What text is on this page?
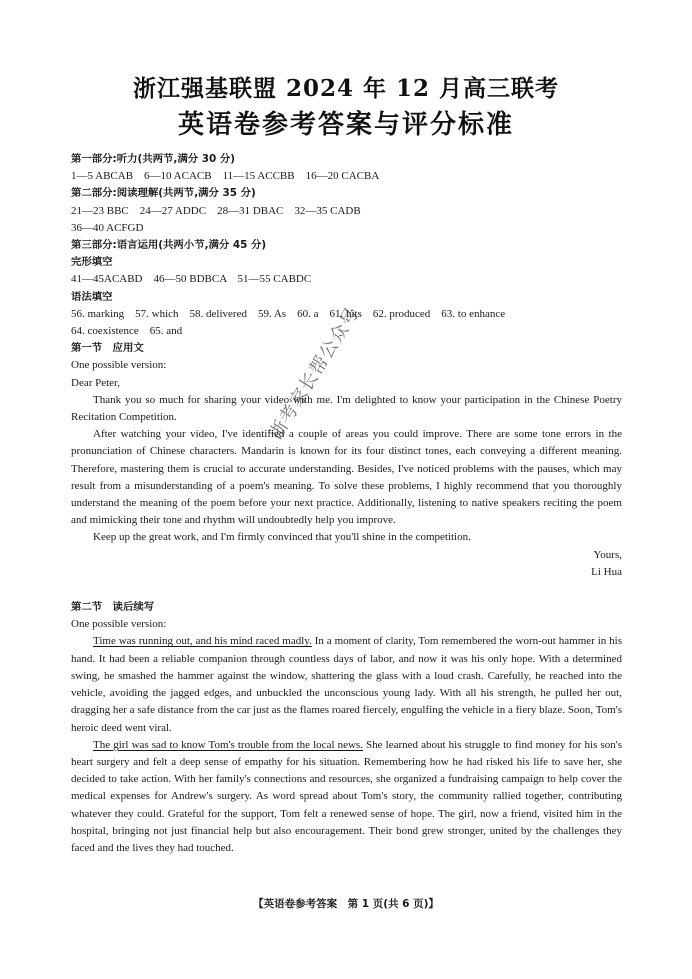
浙江强基联盟 2024 年 12 月高三联考
英语卷参考答案与评分标准
第一部分:听力(共两节,满分 30 分)
1—5 ABCAB　6—10 ACACB　11—15 ACCBB　16—20 CACBA
第二部分:阅读理解(共两节,满分 35 分)
21—23 BBC　24—27 ADDC　28—31 DBAC　32—35 CADB
36—40 ACFGD
第三部分:语言运用(共两小节,满分 45 分)
完形填空
41—45ACABD　46—50 BDBCA　51—55 CABDC
语法填空
56. marking　57. which　58. delivered　59. As　60. a　61. hits　62. produced　63. to enhance
64. coexistence　65. and
第一节　应用文
One possible version:
Dear Peter,
Thank you so much for sharing your video with me. I'm delighted to know your participation in the Chinese Poetry Recitation Competition.
After watching your video, I've identified a couple of areas you could improve. There are some tone errors in the pronunciation of Chinese characters. Mandarin is known for its four distinct tones, each conveying a different meaning. Therefore, mastering them is crucial to accurate understanding. Besides, I've noticed problems with the pauses, which may result from a misunderstanding of a poem's meaning. To solve these problems, I highly recommend that you thoroughly understand the meaning of the poem before your next practice. Additionally, listening to native speakers reciting the poem and mimicking their tone and rhythm will undoubtedly help you improve.
Keep up the great work, and I'm firmly convinced that you'll shine in the competition.
Yours,
Li Hua
第二节　读后续写
One possible version:
Time was running out, and his mind raced madly. In a moment of clarity, Tom remembered the worn-out hammer in his hand. It had been a reliable companion through countless days of labor, and now it was his only hope. With a determined swing, he smashed the hammer against the window, shattering the glass with a loud crash. Carefully, he reached into the vehicle, avoiding the jagged edges, and unbuckled the unconscious young lady. With all his strength, he pulled her out, dragging her a safe distance from the car just as the flames roared fiercely, engulfing the vehicle in a fiery blaze. Soon, Tom's heroic deed went viral.
The girl was sad to know Tom's trouble from the local news. She learned about his struggle to find money for his son's heart surgery and felt a deep sense of empathy for his situation. Remembering how he had risked his life to save her, she decided to take action. With her family's connections and resources, she organized a fundraising campaign to help cover the medical expenses for Andrew's surgery. As word spread about Tom's story, the community rallied together, contributing whatever they could. Grateful for the support, Tom felt a renewed sense of hope. The girl, now a friend, visited him in the hospital, bringing not just financial help but also encouragement. Their bond grew stronger, united by the challenges they faced and the lives they had touched.
浙考家长帮公众号
【英语卷参考答案　第 1 页(共 6 页)】
